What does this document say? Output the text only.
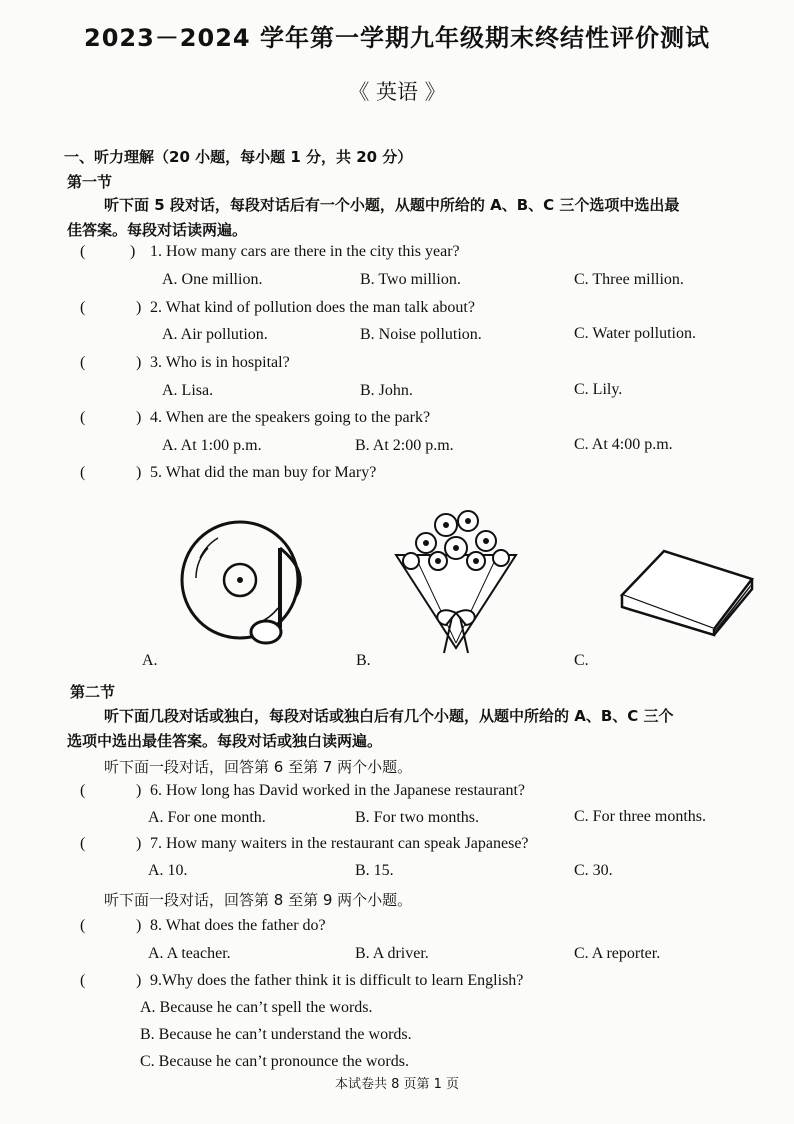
2023－2024 学年第一学期九年级期末终结性评价测试
《 英语 》
一、听力理解（20 小题，每小题 1 分，共 20 分）
第一节
听下面 5 段对话，每段对话后有一个小题，从题中所给的 A、B、C 三个选项中选出最
佳答案。每段对话读两遍。
(	) 1. How many cars are there in the city this year?
A. One million.	B. Two million.	C. Three million.
(	) 2. What kind of pollution does the man talk about?
A. Air pollution.	B. Noise pollution.	C. Water pollution.
(	) 3. Who is in hospital?
A. Lisa.	B. John.	C. Lily.
(	) 4. When are the speakers going to the park?
A. At 1:00 p.m.	B. At 2:00 p.m.	C. At 4:00 p.m.
(	) 5. What did the man buy for Mary?
A.	B.	C.
第二节
听下面几段对话或独白，每段对话或独白后有几个小题，从题中所给的 A、B、C 三个
选项中选出最佳答案。每段对话或独白读两遍。
听下面一段对话，回答第 6 至第 7 两个小题。
(	) 6. How long has David worked in the Japanese restaurant?
A. For one month.	B. For two months.	C. For three months.
(	) 7. How many waiters in the restaurant can speak Japanese?
A. 10.	B. 15.	C. 30.
听下面一段对话，回答第 8 至第 9 两个小题。
(	) 8. What does the father do?
A. A teacher.	B. A driver.	C. A reporter.
(	) 9.Why does the father think it is difficult to learn English?
A. Because he can’t spell the words.
B. Because he can’t understand the words.
C. Because he can’t pronounce the words.
本试卷共 8 页第 1 页
